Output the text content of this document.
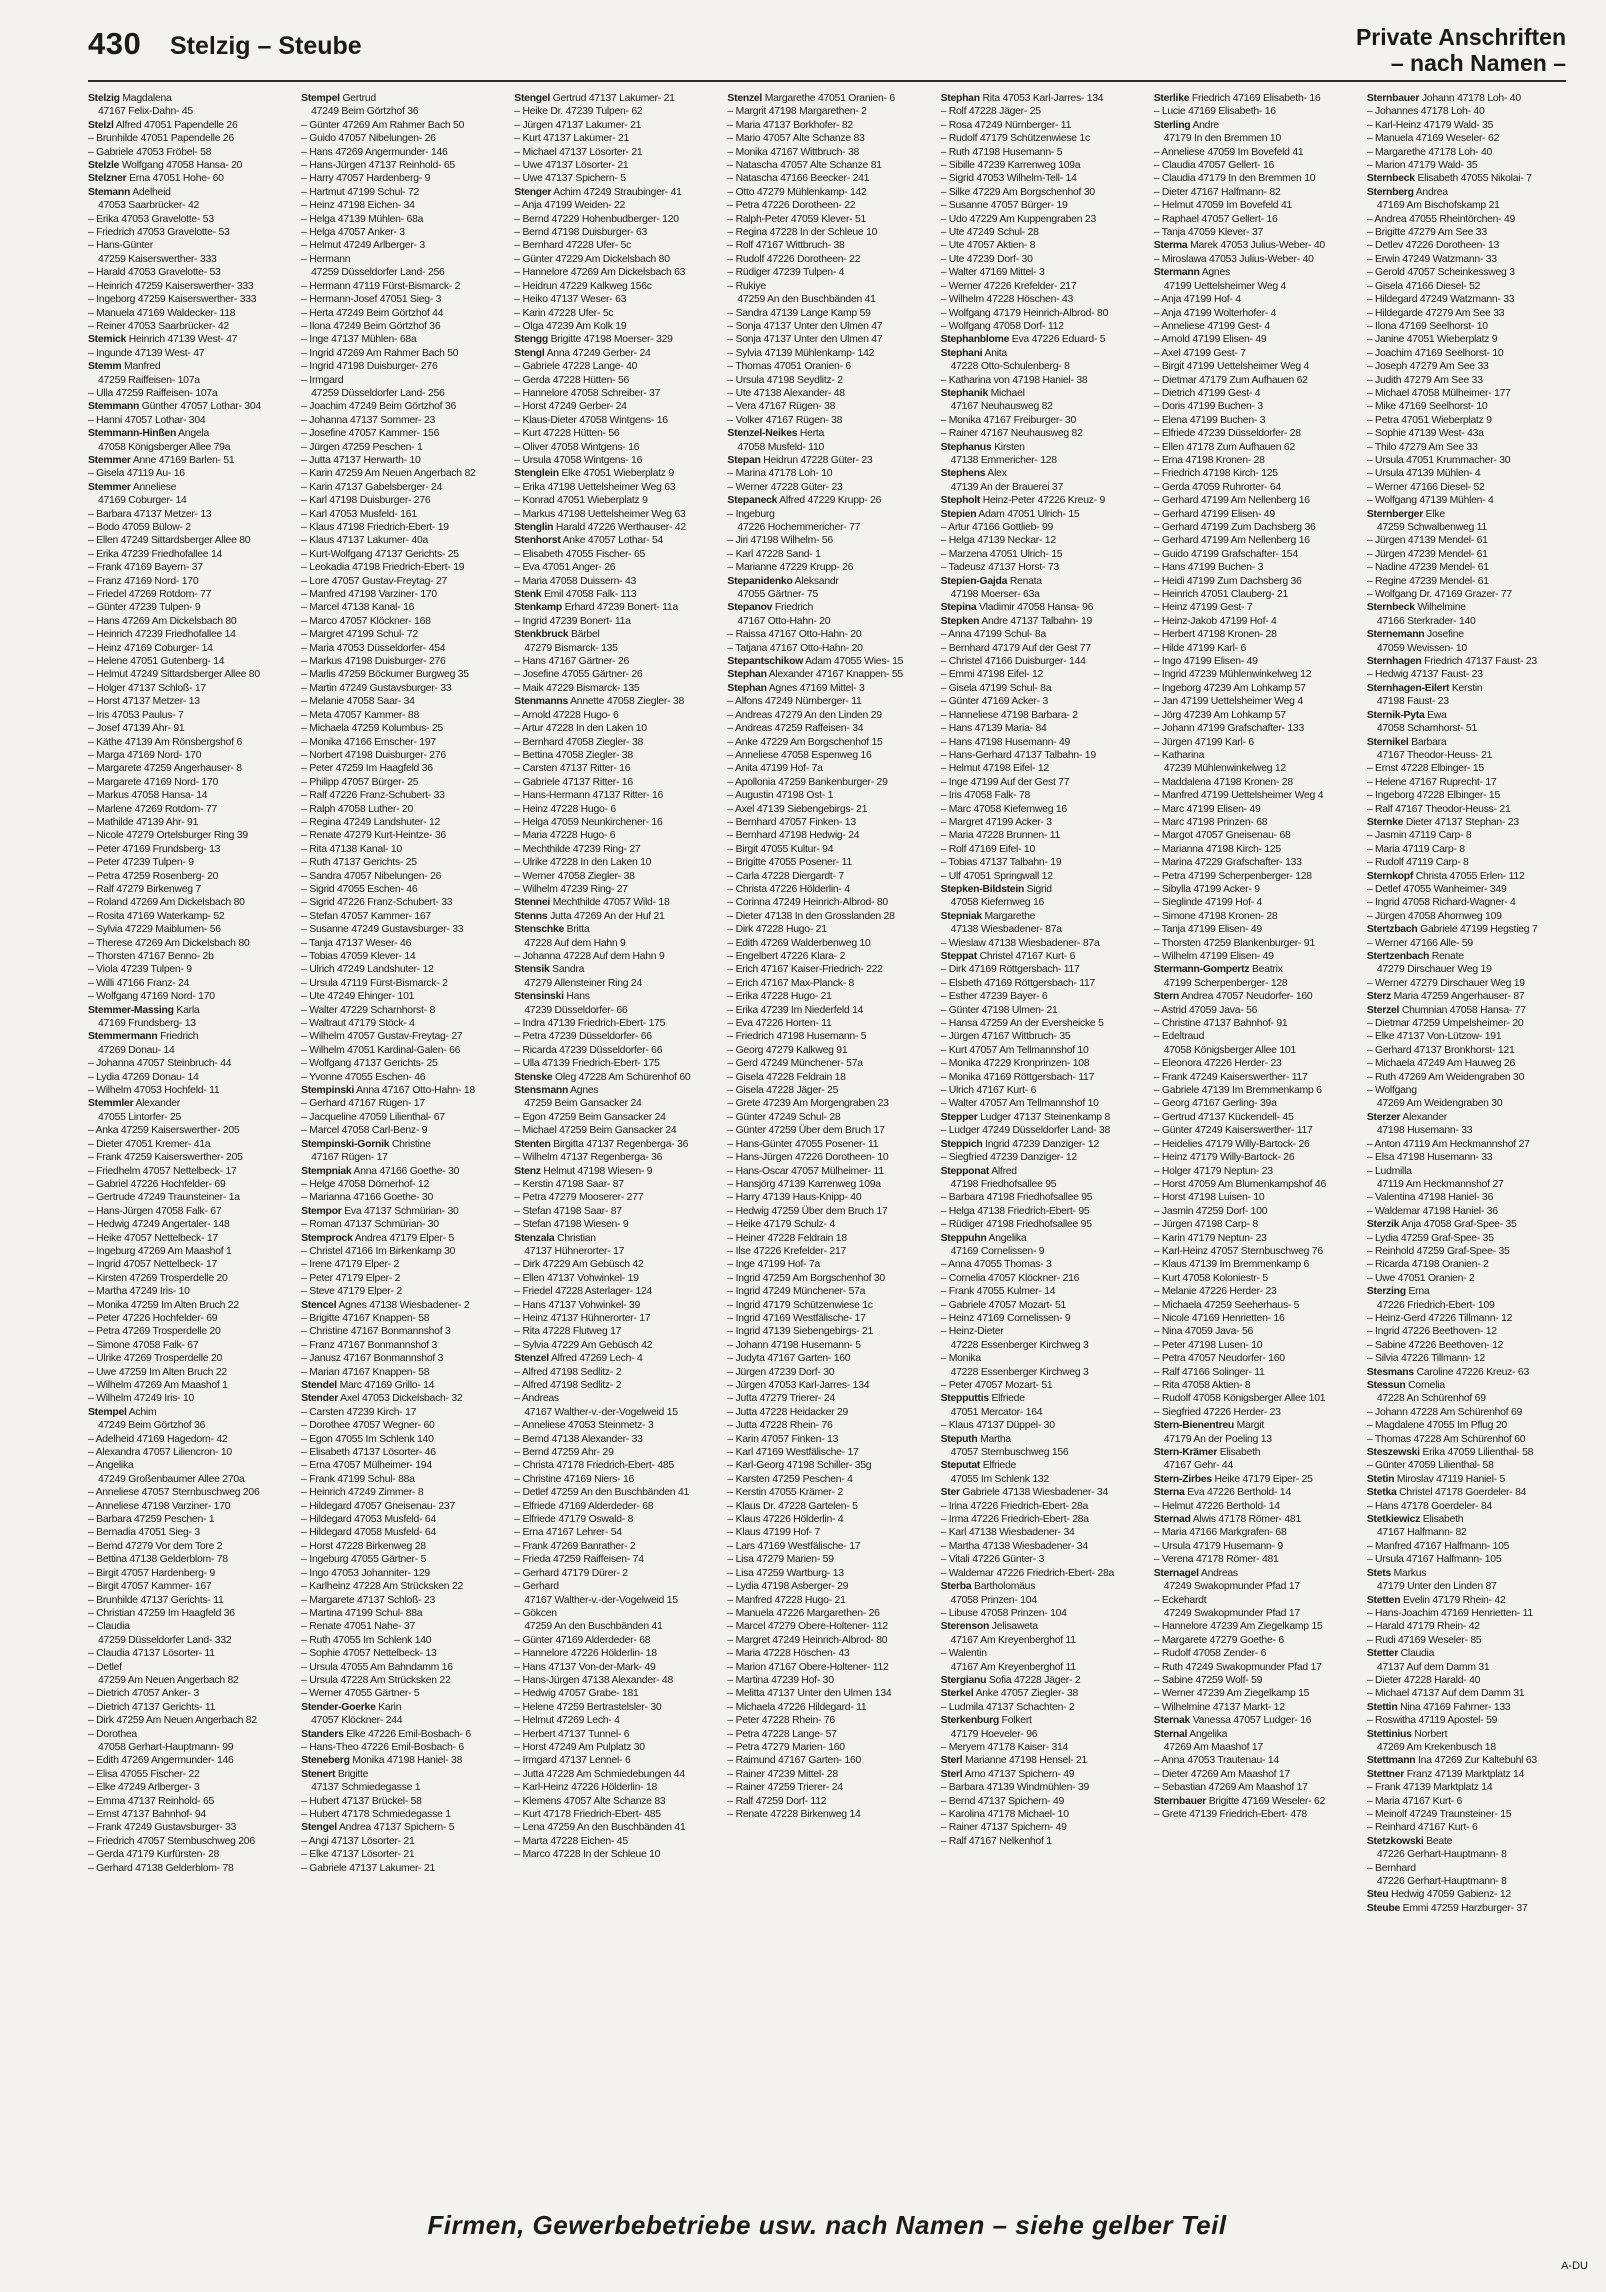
430 Stelzig – Steube	Private Anschriften
– nach Namen –
Stelzig Magdalena
47167 Felix-Dahn- 45
Stelzl Alfred 47051 Papendelle 26
– Brunhilde 47051 Papendelle 26
– Gabriele 47053 Fröbel- 58
Stelzle Wolfgang 47058 Hansa- 20
Stelzner Erna 47051 Hohe- 60
Stemann Adelheid
47053 Saarbrücker- 42
– Erika 47053 Gravelotte- 53
– Friedrich 47053 Gravelotte- 53
– Hans-Günter
47259 Kaiserswerther- 333
– Harald 47053 Gravelotte- 53
– Heinrich 47259 Kaiserswerther- 333
– Ingeborg 47259 Kaiserswerther- 333
– Manuela 47169 Waldecker- 118
– Reiner 47053 Saarbrücker- 42
Stemick Heinrich 47139 West- 47
– Ingunde 47139 West- 47
Stemm Manfred
47259 Raiffeisen- 107a
– Ulla 47259 Raiffeisen- 107a
Stemmann Günther 47057 Lothar- 304
– Hanni 47057 Lothar- 304
Stemmann-Hinßen Angela
47058 Königsberger Allee 79a
Stemmer Anne 47169 Barlen- 51
– Gisela 47119 Au- 16
Stemmer Anneliese
47169 Coburger- 14
– Barbara 47137 Metzer- 13
– Bodo 47059 Bülow- 2
– Ellen 47249 Sittardsberger Allee 80
– Erika 47239 Friedhofallee 14
– Frank 47169 Bayern- 37
– Franz 47169 Nord- 170
– Friedel 47269 Rotdorn- 77
– Günter 47239 Tulpen- 9
– Hans 47269 Am Dickelsbach 80
– Heinrich 47239 Friedhofallee 14
– Heinz 47169 Coburger- 14
– Helene 47051 Gutenberg- 14
– Helmut 47249 Sittardsberger Allee 80
– Holger 47137 Schloß- 17
– Horst 47137 Metzer- 13
– Iris 47053 Paulus- 7
– Josef 47139 Ahr- 91
– Käthe 47139 Am Rönsbergshof 6
– Marga 47169 Nord- 170
– Margarete 47259 Angerhauser- 8
– Margarete 47169 Nord- 170
– Markus 47058 Hansa- 14
– Marlene 47269 Rotdorn- 77
– Mathilde 47139 Ahr- 91
– Nicole 47279 Ortelsburger Ring 39
– Peter 47169 Frundsberg- 13
– Peter 47239 Tulpen- 9
– Petra 47259 Rosenberg- 20
– Ralf 47279 Birkenweg 7
– Roland 47269 Am Dickelsbach 80
– Rosita 47169 Waterkamp- 52
– Sylvia 47229 Maiblumen- 56
– Therese 47269 Am Dickelsbach 80
– Thorsten 47167 Benno- 2b
– Viola 47239 Tulpen- 9
– Willi 47166 Franz- 24
– Wolfgang 47169 Nord- 170
Stemmer-Massing Karla
47169 Frundsberg- 13
Stemmermann Friedrich
47269 Donau- 14
– Johanna 47057 Steinbruch- 44
– Lydia 47269 Donau- 14
– Wilhelm 47053 Hochfeld- 11
Stemmler Alexander
47055 Lintorfer- 25
– Anka 47259 Kaiserswerther- 205
– Dieter 47051 Kremer- 41a
– Frank 47259 Kaiserswerther- 205
– Friedhelm 47057 Nettelbeck- 17
– Gabriel 47226 Hochfelder- 69
– Gertrude 47249 Traunsteiner- 1a
– Hans-Jürgen 47058 Falk- 67
– Hedwig 47249 Angertaler- 148
– Heike 47057 Nettelbeck- 17
– Ingeburg 47269 Am Maashof 1
– Ingrid 47057 Nettelbeck- 17
– Kirsten 47269 Trosperdelle 20
– Martha 47249 Iris- 10
– Monika 47259 Im Alten Bruch 22
– Peter 47226 Hochfelder- 69
– Petra 47269 Trosperdelle 20
– Simone 47058 Falk- 67
– Ulrike 47269 Trosperdelle 20
– Uwe 47259 Im Alten Bruch 22
– Wilhelm 47269 Am Maashof 1
– Wilhelm 47249 Iris- 10
Stempel Achim
47249 Beim Görtzhof 36
– Adelheid 47169 Hagedorn- 42
– Alexandra 47057 Liliencron- 10
– Angelika
47249 Großenbaumer Allee 270a
– Anneliese 47057 Sternbuschweg 206
– Anneliese 47198 Varziner- 170
– Barbara 47259 Peschen- 1
– Bernadia 47051 Sieg- 3
– Bernd 47279 Vor dem Tore 2
– Bettina 47138 Gelderblom- 78
– Birgit 47057 Hardenberg- 9
– Birgit 47057 Kammer- 167
– Brunhilde 47137 Gerichts- 11
– Christian 47259 Im Haagfeld 36
– Claudia
47259 Düsseldorfer Land- 332
– Claudia 47137 Lösorter- 11
– Detlef
47259 Am Neuen Angerbach 82
– Dietrich 47057 Anker- 3
– Dietrich 47137 Gerichts- 11
– Dirk 47259 Am Neuen Angerbach 82
– Dorothea
47058 Gerhart-Hauptmann- 99
– Edith 47269 Angermunder- 146
– Elisa 47055 Fischer- 22
– Elke 47249 Arlberger- 3
– Emma 47137 Reinhold- 65
– Ernst 47137 Bahnhof- 94
– Frank 47249 Gustavsburger- 33
– Friedrich 47057 Sternbuschweg 206
– Gerda 47179 Kurfürsten- 28
– Gerhard 47138 Gelderblom- 78
Stempel Gertrud
47249 Beim Görtzhof 36
– Günter 47269 Am Rahmer Bach 50
– Guido 47057 Nibelungen- 26
– Hans 47269 Angermunder- 146
– Hans-Jürgen 47137 Reinhold- 65
– Harry 47057 Hardenberg- 9
– Hartmut 47199 Schul- 72
– Heinz 47198 Eichen- 34
– Helga 47139 Mühlen- 68a
– Helga 47057 Anker- 3
– Helmut 47249 Arlberger- 3
– Hermann
47259 Düsseldorfer Land- 256
– Hermann 47119 Fürst-Bismarck- 2
– Hermann-Josef 47051 Sieg- 3
– Herta 47249 Beim Görtzhof 44
– Ilona 47249 Beim Görtzhof 36
– Inge 47137 Mühlen- 68a
– Ingrid 47269 Am Rahmer Bach 50
– Ingrid 47198 Duisburger- 276
– Irmgard
47259 Düsseldorfer Land- 256
– Joachim 47249 Beim Görtzhof 36
– Johanna 47137 Sommer- 23
– Josefine 47057 Kammer- 156
– Jürgen 47259 Peschen- 1
– Jutta 47137 Herwarth- 10
– Karin 47259 Am Neuen Angerbach 82
– Karin 47137 Gabelsberger- 24
– Karl 47198 Duisburger- 276
– Karl 47053 Musfeld- 161
– Klaus 47198 Friedrich-Ebert- 19
– Klaus 47137 Lakumer- 40a
– Kurt-Wolfgang 47137 Gerichts- 25
– Leokadia 47198 Friedrich-Ebert- 19
– Lore 47057 Gustav-Freytag- 27
– Manfred 47198 Varziner- 170
– Marcel 47138 Kanal- 16
– Marco 47057 Klöckner- 168
– Margret 47199 Schul- 72
– Maria 47053 Düsseldorfer- 454
– Markus 47198 Duisburger- 276
– Marlis 47259 Böckumer Burgweg 35
– Martin 47249 Gustavsburger- 33
– Melanie 47058 Saar- 34
– Meta 47057 Kammer- 88
– Michaela 47259 Kolumbus- 25
– Monika 47166 Emscher- 197
– Norbert 47198 Duisburger- 276
– Peter 47259 Im Haagfeld 36
– Philipp 47057 Bürger- 25
– Ralf 47226 Franz-Schubert- 33
– Ralph 47058 Luther- 20
– Regina 47249 Landshuter- 12
– Renate 47279 Kurt-Heintze- 36
– Rita 47138 Kanal- 10
– Ruth 47137 Gerichts- 25
– Sandra 47057 Nibelungen- 26
– Sigrid 47055 Eschen- 46
– Sigrid 47226 Franz-Schubert- 33
– Stefan 47057 Kammer- 167
– Susanne 47249 Gustavsburger- 33
– Tanja 47137 Weser- 46
– Tobias 47059 Klever- 14
– Ulrich 47249 Landshuter- 12
– Ursula 47119 Fürst-Bismarck- 2
– Ute 47249 Ehinger- 101
– Walter 47229 Scharnhorst- 8
– Waltraut 47179 Stöck- 4
– Wilhelm 47057 Gustav-Freytag- 27
– Wilhelm 47051 Kardinal-Galen- 66
– Wolfgang 47137 Gerichts- 25
– Yvonne 47055 Eschen- 46
Stempinski Anna 47167 Otto-Hahn- 18
– Gerhard 47167 Rügen- 17
– Jacqueline 47059 Lilienthal- 67
– Marcel 47058 Carl-Benz- 9
Stempinski-Gornik Christine
47167 Rügen- 17
Stempniak Anna 47166 Goethe- 30
– Helge 47058 Dörnerhof- 12
– Marianna 47166 Goethe- 30
Stempor Eva 47137 Schmürian- 30
– Roman 47137 Schmürian- 30
Stemprock Andrea 47179 Elper- 5
– Christel 47166 Im Birkenkamp 30
– Irene 47179 Elper- 2
– Peter 47179 Elper- 2
– Steve 47179 Elper- 2
Stencel Agnes 47138 Wiesbadener- 2
– Brigitte 47167 Knappen- 58
– Christine 47167 Bonmannshof 3
– Franz 47167 Bonmannshof 3
– Janusz 47167 Bonmannshof 3
– Marian 47167 Knappen- 58
Stendel Marc 47169 Grillo- 14
Stender Axel 47053 Dickelsbach- 32
– Carsten 47239 Kirch- 17
– Dorothee 47057 Wegner- 60
– Egon 47055 Im Schlenk 140
– Elisabeth 47137 Lösorter- 46
– Erna 47057 Mülheimer- 194
– Frank 47199 Schul- 88a
– Heinrich 47249 Zimmer- 8
– Hildegard 47057 Gneisenau- 237
– Hildegard 47053 Musfeld- 64
– Hildegard 47058 Musfeld- 64
– Horst 47228 Birkenweg 28
– Ingeburg 47055 Gärtner- 5
– Ingo 47053 Johanniter- 129
– Karlheinz 47228 Am Strücksken 22
– Margarete 47137 Schloß- 23
– Martina 47199 Schul- 88a
– Renate 47051 Nahe- 37
– Ruth 47055 Im Schlenk 140
– Sophie 47057 Nettelbeck- 13
– Ursula 47055 Am Bahndamm 16
– Ursula 47228 Am Strücksken 22
– Werner 47055 Gärtner- 5
Stender-Goerke Karin
47057 Klöckner- 244
Standers Elke 47226 Emil-Bosbach- 6
– Hans-Theo 47226 Emil-Bosbach- 6
Steneberg Monika 47198 Haniel- 38
Stenert Brigitte
47137 Schmiedegasse 1
– Hubert 47137 Brückel- 58
– Hubert 47178 Schmiedegasse 1
Stengel Andrea 47137 Spichern- 5
– Angi 47137 Lösorter- 21
– Elke 47137 Lösorter- 21
– Gabriele 47137 Lakumer- 21
Stengel Gertrud 47137 Lakumer- 21
– Heike Dr. 47239 Tulpen- 62
– Jürgen 47137 Lakumer- 21
– Kurt 47137 Lakumer- 21
– Michael 47137 Lösorter- 21
– Uwe 47137 Lösorter- 21
– Uwe 47137 Spichern- 5
Stenger Achim 47249 Straubinger- 41
– Anja 47199 Weiden- 22
– Bernd 47229 Hohenbudberger- 120
– Bernd 47198 Duisburger- 63
– Bernhard 47228 Ufer- 5c
– Günter 47229 Am Dickelsbach 80
– Hannelore 47269 Am Dickelsbach 63
– Heidrun 47229 Kalkweg 156c
– Heiko 47137 Weser- 63
– Karin 47228 Ufer- 5c
– Olga 47239 Am Kolk 19
Stengg Brigitte 47198 Moerser- 329
Stengl Anna 47249 Gerber- 24
– Gabriele 47228 Lange- 40
– Gerda 47228 Hütten- 56
– Hannelore 47058 Schreiber- 37
– Horst 47249 Gerber- 24
– Klaus-Dieter 47058 Wintgens- 16
– Kurt 47228 Hütten- 56
– Oliver 47058 Wintgens- 16
– Ursula 47058 Wintgens- 16
Stenglein Elke 47051 Wieberplatz 9
– Erika 47198 Uettelsheimer Weg 63
– Konrad 47051 Wieberplatz 9
– Markus 47198 Uettelsheimer Weg 63
Stenglin Harald 47226 Werthauser- 42
Stenhorst Anke 47057 Lothar- 54
– Elisabeth 47055 Fischer- 65
– Eva 47051 Anger- 26
– Maria 47058 Duissern- 43
Stenk Emil 47058 Falk- 113
Stenkamp Erhard 47239 Bonert- 11a
– Ingrid 47239 Bonert- 11a
Stenkbruck Bärbel
47279 Bismarck- 135
– Hans 47167 Gärtner- 26
– Josefine 47055 Gärtner- 26
– Maik 47229 Bismarck- 135
Stenmanns Annette 47058 Ziegler- 38
– Arnold 47228 Hugo- 6
– Artur 47228 In den Laken 10
– Bernhard 47058 Ziegler- 38
– Bettina 47058 Ziegler- 38
– Carsten 47137 Ritter- 16
– Gabriele 47137 Ritter- 16
– Hans-Hermann 47137 Ritter- 16
– Heinz 47228 Hugo- 6
– Helga 47059 Neunkirchener- 16
– Maria 47228 Hugo- 6
– Mechthilde 47239 Ring- 27
– Ulrike 47228 In den Laken 10
– Werner 47058 Ziegler- 38
– Wilhelm 47239 Ring- 27
Stennei Mechthilde 47057 Wild- 18
Stenns Jutta 47269 An der Huf 21
Stenschke Britta
47228 Auf dem Hahn 9
– Johanna 47228 Auf dem Hahn 9
Stensik Sandra
47279 Allensteiner Ring 24
Stensinski Hans
47239 Düsseldorfer- 66
– Indra 47139 Friedrich-Ebert- 175
– Petra 47239 Düsseldorfer- 66
– Ricarda 47239 Düsseldorfer- 66
– Ulla 47139 Friedrich-Ebert- 175
Stenske Oleg 47228 Am Schürenhof 60
Stensmann Agnes
47259 Beim Gansacker 24
– Egon 47259 Beim Gansacker 24
– Michael 47259 Beim Gansacker 24
Stenten Birgitta 47137 Regenberga- 36
– Wilhelm 47137 Regenberga- 36
Stenz Helmut 47198 Wiesen- 9
– Kerstin 47198 Saar- 87
– Petra 47279 Mooserer- 277
– Stefan 47198 Saar- 87
– Stefan 47198 Wiesen- 9
Stenzala Christian
47137 Hühnerorter- 17
– Dirk 47229 Am Gebüsch 42
– Ellen 47137 Vohwinkel- 19
– Friedel 47228 Asterlager- 124
– Hans 47137 Vohwinkel- 39
– Heinz 47137 Hühnerorter- 17
– Rita 47228 Flutweg 17
– Sylvia 47229 Am Gebüsch 42
Stenzel Alfred 47269 Lech- 4
– Alfred 47198 Sedlitz- 2
– Alfred 47198 Sedlitz- 2
– Andreas
47167 Walther-v.-der-Vogelweid 15
– Anneliese 47053 Steinmetz- 3
– Bernd 47138 Alexander- 33
– Bernd 47259 Ahr- 29
– Christa 47178 Friedrich-Ebert- 485
– Christine 47169 Niers- 16
– Detlef 47259 An den Buschbänden 41
– Elfriede 47169 Alderdeder- 68
– Elfriede 47179 Oswald- 8
– Erna 47167 Lehrer- 54
– Frank 47269 Banrather- 2
– Frieda 47259 Raiffeisen- 74
– Gerhard 47179 Dürer- 2
– Gerhard
47167 Walther-v.-der-Vogelweid 15
– Gökcen
47259 An den Buschbänden 41
– Günter 47169 Alderdeder- 68
– Hannelore 47226 Hölderlin- 18
– Hans 47137 Von-der-Mark- 49
– Hans-Jürgen 47138 Alexander- 48
– Hedwig 47057 Grabe- 181
– Helene 47259 Bertrastelsler- 30
– Helmut 47269 Lech- 4
– Herbert 47137 Tunnel- 6
– Horst 47249 Am Pulplatz 30
– Irmgard 47137 Lennel- 6
– Jutta 47228 Am Schmiedebungen 44
– Karl-Heinz 47226 Hölderlin- 18
– Klemens 47057 Alte Schanze 83
– Kurt 47178 Friedrich-Ebert- 485
– Lena 47259 An den Buschbänden 41
– Marta 47228 Eichen- 45
– Marco 47228 In der Schleue 10
Stenzel Margarethe 47051 Oranien- 6
– Margrit 47198 Margarethen- 2
– Maria 47137 Borkhofer- 82
– Mario 47057 Alte Schanze 83
– Monika 47167 Wittbruch- 38
– Natascha 47057 Alte Schanze 81
– Natascha 47166 Beecker- 241
– Otto 47279 Mühlenkamp- 142
– Petra 47226 Dorotheen- 22
– Ralph-Peter 47059 Klever- 51
– Regina 47228 In der Schleue 10
– Rolf 47167 Wittbruch- 38
– Rudolf 47226 Dorotheen- 22
– Rüdiger 47239 Tulpen- 4
– Rukiye
47259 An den Buschbänden 41
– Sandra 47139 Lange Kamp 59
– Sonja 47137 Unter den Ulmen 47
– Sonja 47137 Unter den Ulmen 47
– Sylvia 47139 Mühlenkamp- 142
– Thomas 47051 Oranien- 6
– Ursula 47198 Seydlitz- 2
– Ute 47138 Alexander- 48
– Vera 47167 Rügen- 38
– Volker 47167 Rügen- 38
Stenzel-Neikes Herta
47058 Musfeld- 110
Stepan Heidrun 47228 Güter- 23
– Marina 47178 Loh- 10
– Werner 47228 Güter- 23
Stepaneck Alfred 47229 Krupp- 26
– Ingeburg
47226 Hochemmericher- 77
– Jiri 47198 Wilhelm- 56
– Karl 47228 Sand- 1
– Marianne 47229 Krupp- 26
Stepanidenko Aleksandr
47055 Gärtner- 75
Stepanov Friedrich
47167 Otto-Hahn- 20
– Raissa 47167 Otto-Hahn- 20
– Tatjana 47167 Otto-Hahn- 20
Stepantschikow Adam 47055 Wies- 15
Stephan Alexander 47167 Knappen- 55
Stephan Agnes 47169 Mittel- 3
– Alfons 47249 Nürnberger- 11
– Andreas 47279 An den Linden 29
– Andreas 47259 Raffeisen- 34
– Anke 47229 Am Borgschenhof 15
– Anneliese 47058 Espenweg 16
– Anita 47199 Hof- 7a
– Apollonia 47259 Bankenburger- 29
– Augustin 47198 Ost- 1
– Axel 47139 Siebengebirgs- 21
– Bernhard 47057 Finken- 13
– Bernhard 47198 Hedwig- 24
– Birgit 47055 Kultur- 94
– Brigitte 47055 Posener- 11
– Carla 47228 Diergardt- 7
– Christa 47226 Hölderlin- 4
– Corinna 47249 Heinrich-Albrod- 80
– Dieter 47138 In den Grosslanden 28
– Dirk 47228 Hugo- 21
– Edith 47269 Walderbenweg 10
– Engelbert 47226 Klara- 2
– Erich 47167 Kaiser-Friedrich- 222
– Erich 47167 Max-Planck- 8
– Erika 47228 Hugo- 21
– Erika 47239 Im Niederfeld 14
– Eva 47226 Horten- 11
– Friedrich 47198 Husemann- 5
– Georg 47279 Kalkweg 91
– Gerd 47249 Münchener- 57a
– Gisela 47228 Feldrain 18
– Gisela 47228 Jäger- 25
– Grete 47239 Am Morgengraben 23
– Günter 47249 Schul- 28
– Günter 47259 Über dem Bruch 17
– Hans-Günter 47055 Posener- 11
– Hans-Jürgen 47226 Dorotheen- 10
– Hans-Oscar 47057 Mülheimer- 11
– Hansjörg 47139 Karrenweg 109a
– Harry 47139 Haus-Knipp- 40
– Hedwig 47259 Über dem Bruch 17
– Heike 47179 Schulz- 4
– Heiner 47228 Feldrain 18
– Ilse 47226 Krefelder- 217
– Inge 47199 Hof- 7a
– Ingrid 47259 Am Borgschenhof 30
– Ingrid 47249 Münchener- 57a
– Ingrid 47179 Schützenwiese 1c
– Ingrid 47169 Westfälische- 17
– Ingrid 47139 Siebengebirgs- 21
– Johann 47198 Husemann- 5
– Judyta 47167 Garten- 160
– Jürgen 47239 Dorf- 30
– Jürgen 47053 Karl-Jarres- 134
– Jutta 47279 Trierer- 24
– Jutta 47228 Heidacker 29
– Jutta 47228 Rhein- 76
– Karin 47057 Finken- 13
– Karl 47169 Westfälische- 17
– Karl-Georg 47198 Schiller- 35g
– Karsten 47259 Peschen- 4
– Kerstin 47055 Krämer- 2
– Klaus Dr. 47228 Gartelen- 5
– Klaus 47226 Hölderlin- 4
– Klaus 47199 Hof- 7
– Lars 47169 Westfälische- 17
– Lisa 47279 Marien- 59
– Lisa 47259 Wartburg- 13
– Lydia 47198 Asberger- 29
– Manfred 47228 Hugo- 21
– Manuela 47226 Margarethen- 26
– Marcel 47279 Obere-Holtener- 112
– Margret 47249 Heinrich-Albrod- 80
– Maria 47228 Höschen- 43
– Marion 47167 Obere-Holtener- 112
– Martina 47239 Hof- 30
– Melitta 47137 Unter den Ulmen 134
– Michaela 47226 Hildegard- 11
– Peter 47228 Rhein- 76
– Petra 47228 Lange- 57
– Petra 47279 Marien- 160
– Raimund 47167 Garten- 160
– Rainer 47239 Mittel- 28
– Rainer 47259 Trierer- 24
– Ralf 47259 Dorf- 112
– Renate 47228 Birkenweg 14
Stephan Rita 47053 Karl-Jarres- 134
– Rolf 47228 Jäger- 25
– Rosa 47249 Nürnberger- 11
– Rudolf 47179 Schützenwiese 1c
– Ruth 47198 Husemann- 5
– Sibille 47239 Karrenweg 109a
– Sigrid 47053 Wilhelm-Tell- 14
– Silke 47229 Am Borgschenhof 30
– Susanne 47057 Bürger- 19
– Udo 47229 Am Kuppengraben 23
– Ute 47249 Schul- 28
– Ute 47057 Aktien- 8
– Ute 47239 Dorf- 30
– Walter 47169 Mittel- 3
– Werner 47226 Krefelder- 217
– Wilhelm 47228 Höschen- 43
– Wolfgang 47179 Heinrich-Albrod- 80
– Wolfgang 47058 Dorf- 112
Stephanblome Eva 47226 Eduard- 5
Stephani Anita
47228 Otto-Schulenberg- 8
– Katharina von 47198 Haniel- 38
Stephanik Michael
47167 Neuhausweg 82
– Monika 47167 Freiburger- 30
– Rainer 47167 Neuhausweg 82
Stephanus Kirsten
47138 Emmericher- 128
Stephens Alex
47139 An der Brauerei 37
Stepholt Heinz-Peter 47226 Kreuz- 9
Stepien Adam 47051 Ulrich- 15
– Artur 47166 Gottlieb- 99
– Helga 47139 Neckar- 12
– Marzena 47051 Ulrich- 15
– Tadeusz 47137 Horst- 73
Stepien-Gajda Renata
47198 Moerser- 63a
Stepina Vladimir 47058 Hansa- 96
Stepken Andre 47137 Talbahn- 19
– Anna 47199 Schul- 8a
– Bernhard 47179 Auf der Gest 77
– Christel 47166 Duisburger- 144
– Emmi 47198 Eifel- 12
– Gisela 47199 Schul- 8a
– Günter 47169 Acker- 3
– Hanneliese 47198 Barbara- 2
– Hans 47139 Maria- 84
– Hans 47198 Husemann- 49
– Hans-Gerhard 47137 Talbahn- 19
– Helmut 47198 Eifel- 12
– Inge 47199 Auf der Gest 77
– Iris 47058 Falk- 78
– Marc 47058 Kiefernweg 16
– Margret 47199 Acker- 3
– Maria 47228 Brunnen- 11
– Rolf 47169 Eifel- 10
– Tobias 47137 Talbahn- 19
– Ulf 47051 Springwall 12
Stepken-Bildstein Sigrid
47058 Kiefernweg 16
Stepniak Margarethe
47138 Wiesbadener- 87a
– Wieslaw 47138 Wiesbadener- 87a
Steppat Christel 47167 Kurt- 6
– Dirk 47169 Röttgersbach- 117
– Elsbeth 47169 Röttgersbach- 117
– Esther 47239 Bayer- 6
– Günter 47198 Ulmen- 21
– Hansa 47259 An der Eversheicke 5
– Jürgen 47167 Wittbruch- 35
– Kurt 47057 Am Tellmannshof 10
– Monika 47229 Kronprinzen- 108
– Monika 47169 Röttgersbach- 117
– Ulrich 47167 Kurt- 6
– Walter 47057 Am Tellmannshof 10
Stepper Ludger 47137 Steinenkamp 8
– Ludger 47249 Düsseldorfer Land- 38
Steppich Ingrid 47239 Danziger- 12
– Siegfried 47239 Danziger- 12
Stepponat Alfred
47198 Friedhofsallee 95
– Barbara 47198 Friedhofsallee 95
– Helga 47138 Friedrich-Ebert- 95
– Rüdiger 47198 Friedhofsallee 95
Steppuhn Angelika
47169 Cornelissen- 9
– Anna 47055 Thomas- 3
– Cornelia 47057 Klöckner- 216
– Frank 47055 Kulmer- 14
– Gabriele 47057 Mozart- 51
– Heinz 47169 Cornelissen- 9
– Heinz-Dieter
47228 Essenberger Kirchweg 3
– Monika
47228 Essenberger Kirchweg 3
– Peter 47057 Mozart- 51
Stepputtis Elfriede
47051 Mercator- 164
– Klaus 47137 Düppel- 30
Steputh Martha
47057 Sternbuschweg 156
Steputat Elfriede
47055 Im Schlenk 132
Ster Gabriele 47138 Wiesbadener- 34
– Irina 47226 Friedrich-Ebert- 28a
– Irma 47226 Friedrich-Ebert- 28a
– Karl 47138 Wiesbadener- 34
– Martha 47138 Wiesbadener- 34
– Vitali 47226 Günter- 3
– Waldemar 47226 Friedrich-Ebert- 28a
Sterba Bartholomäus
47058 Prinzen- 104
– Libuse 47058 Prinzen- 104
Sterenson Jelisaweta
47167 Am Kreyenberghof 11
– Walentin
47167 Am Kreyenberghof 11
Stergianu Sofia 47228 Jäger- 2
Sterkel Anke 47057 Ziegler- 38
– Ludmila 47137 Schachten- 2
Sterkenburg Folkert
47179 Hoeveler- 96
– Meryem 47178 Kaiser- 314
Sterl Marianne 47198 Hensel- 21
Sterl Arno 47137 Spichern- 49
– Barbara 47139 Windmühlen- 39
– Bernd 47137 Spichern- 49
– Karolina 47178 Michael- 10
– Rainer 47137 Spichern- 49
– Ralf 47167 Nelkenhof 1
Sterlike Friedrich 47169 Elisabeth- 16
– Lucie 47169 Elisabeth- 16
Sterling Andre
47179 In den Bremmen 10
– Anneliese 47059 Im Bovefeld 41
– Claudia 47057 Gellert- 16
– Claudia 47179 In den Bremmen 10
– Dieter 47167 Halfmann- 82
– Helmut 47059 Im Bovefeld 41
– Raphael 47057 Gellert- 16
– Tanja 47059 Klever- 37
Sterma Marek 47053 Julius-Weber- 40
– Miroslawa 47053 Julius-Weber- 40
Stermann Agnes
47199 Uettelsheimer Weg 4
– Anja 47199 Hof- 4
– Anja 47199 Wolterhofer- 4
– Anneliese 47199 Gest- 4
– Arnold 47199 Elisen- 49
– Axel 47199 Gest- 7
– Birgit 47199 Uettelsheimer Weg 4
– Dietmar 47179 Zum Aufhauen 62
– Dietrich 47199 Gest- 4
– Doris 47199 Buchen- 3
– Elena 47199 Buchen- 3
– Elfriede 47239 Düsseldorfer- 28
– Ellen 47178 Zum Aufhauen 62
– Erna 47198 Kronen- 28
– Friedrich 47198 Kirch- 125
– Gerda 47059 Ruhrorter- 64
– Gerhard 47199 Am Nellenberg 16
– Gerhard 47199 Elisen- 49
– Gerhard 47199 Zum Dachsberg 36
– Gerhard 47199 Am Nellenberg 16
– Guido 47199 Grafschafter- 154
– Hans 47199 Buchen- 3
– Heidi 47199 Zum Dachsberg 36
– Heinrich 47051 Clauberg- 21
– Heinz 47199 Gest- 7
– Heinz-Jakob 47199 Hof- 4
– Herbert 47198 Kronen- 28
– Hilde 47199 Karl- 6
– Ingo 47199 Elisen- 49
– Ingrid 47239 Mühlenwinkelweg 12
– Ingeborg 47239 Am Lohkamp 57
– Jan 47199 Uettelsheimer Weg 4
– Jörg 47239 Am Lohkamp 57
– Johann 47199 Grafschafter- 133
– Jürgen 47199 Karl- 6
– Katharina
47239 Mühlenwinkelweg 12
– Maddalena 47198 Kronen- 28
– Manfred 47199 Uettelsheimer Weg 4
– Marc 47199 Elisen- 49
– Marc 47198 Prinzen- 68
– Margot 47057 Gneisenau- 68
– Marianna 47198 Kirch- 125
– Marina 47229 Grafschafter- 133
– Petra 47199 Scherpenberger- 128
– Sibylla 47199 Acker- 9
– Sieglinde 47199 Hof- 4
– Simone 47198 Kronen- 28
– Tanja 47199 Elisen- 49
– Thorsten 47259 Blankenburger- 91
– Wilhelm 47199 Elisen- 49
Stermann-Gompertz Beatrix
47199 Scherpenberger- 128
Stern Andrea 47057 Neudorfer- 160
– Astrid 47059 Java- 56
– Christine 47137 Bahnhof- 91
– Edeltraud
47058 Königsberger Allee 101
– Eleonora 47226 Herder- 23
– Frank 47249 Kaiserswerther- 117
– Gabriele 47139 Im Bremmenkamp 6
– Georg 47167 Gerling- 39a
– Gertrud 47137 Kückendell- 45
– Günter 47249 Kaiserswerther- 117
– Heidelies 47179 Willy-Bartock- 26
– Heinz 47179 Willy-Bartock- 26
– Holger 47179 Neptun- 23
– Horst 47059 Am Blumenkampshof 46
– Horst 47198 Luisen- 10
– Jasmin 47259 Dorf- 100
– Jürgen 47198 Carp- 8
– Karin 47179 Neptun- 23
– Karl-Heinz 47057 Sternbuschweg 76
– Klaus 47139 Im Bremmenkamp 6
– Kurt 47058 Koloniestr- 5
– Melanie 47226 Herder- 23
– Michaela 47259 Seeherhaus- 5
– Nicole 47169 Henrietten- 16
– Nina 47059 Java- 56
– Peter 47198 Lusen- 10
– Petra 47057 Neudorfer- 160
– Ralf 47166 Solinger- 11
– Rita 47058 Aktien- 8
– Rudolf 47058 Königsberger Allee 101
– Siegfried 47226 Herder- 23
Stern-Bienentreu Margit
47179 An der Poeling 13
Stern-Krämer Elisabeth
47167 Gehr- 44
Stern-Zirbes Heike 47179 Eiper- 25
Sterna Eva 47226 Berthold- 14
– Helmut 47226 Berthold- 14
Sternad Alwis 47178 Römer- 481
– Maria 47166 Markgrafen- 68
– Ursula 47179 Husemann- 9
– Verena 47178 Römer- 481
Sternagel Andreas
47249 Swakopmunder Pfad 17
– Eckehardt
47249 Swakopmunder Pfad 17
– Hannelore 47239 Am Ziegelkamp 15
– Margarete 47279 Goethe- 6
– Rudolf 47058 Zender- 6
– Ruth 47249 Swakopmunder Pfad 17
– Sabine 47259 Wolf- 59
– Werner 47239 Am Ziegelkamp 15
– Wilhelmine 47137 Markt- 12
Sternak Vanessa 47057 Ludger- 16
Sternal Angelika
47269 Am Maashof 17
– Anna 47053 Trautenau- 14
– Dieter 47269 Am Maashof 17
– Sebastian 47269 Am Maashof 17
Sternbauer Brigitte 47169 Weseler- 62
– Grete 47139 Friedrich-Ebert- 478
Sternbauer Johann 47178 Loh- 40
– Johannes 47178 Loh- 40
– Karl-Heinz 47179 Wald- 35
– Manuela 47169 Weseler- 62
– Margarethe 47178 Loh- 40
– Marion 47179 Wald- 35
Sternbeck Elisabeth 47055 Nikolai- 7
Sternberg Andrea
47169 Am Bischofskamp 21
– Andrea 47055 Rheintörchen- 49
– Brigitte 47279 Am See 33
– Detlev 47226 Dorotheen- 13
– Erwin 47249 Watzmann- 33
– Gerold 47057 Scheinkessweg 3
– Gisela 47166 Diesel- 52
– Hildegard 47249 Watzmann- 33
– Hildegarde 47279 Am See 33
– Ilona 47169 Seelhorst- 10
– Janine 47051 Wieberplatz 9
– Joachim 47169 Seelhorst- 10
– Joseph 47279 Am See 33
– Judith 47279 Am See 33
– Michael 47058 Mülheimer- 177
– Mike 47169 Seelhorst- 10
– Petra 47051 Wieberplatz 9
– Sophie 47139 West- 43a
– Thilo 47279 Am See 33
– Ursula 47051 Krummacher- 30
– Ursula 47139 Mühlen- 4
– Werner 47166 Diesel- 52
– Wolfgang 47139 Mühlen- 4
Sternberger Elke
47259 Schwalbenweg 11
– Jürgen 47139 Mendel- 61
– Jürgen 47239 Mendel- 61
– Nadine 47239 Mendel- 61
– Regine 47239 Mendel- 61
– Wolfgang Dr. 47169 Grazer- 77
Sternbeck Wilhelmine
47166 Sterkrader- 140
Sternemann Josefine
47059 Wevissen- 10
Sternhagen Friedrich 47137 Faust- 23
– Hedwig 47137 Faust- 23
Sternhagen-Eilert Kerstin
47198 Faust- 23
Sternik-Pyta Ewa
47058 Schamhorst- 51
Sternikel Barbara
47167 Theodor-Heuss- 21
– Ernst 47228 Elbinger- 15
– Helene 47167 Ruprecht- 17
– Ingeborg 47228 Elbinger- 15
– Ralf 47167 Theodor-Heuss- 21
Sternke Dieter 47137 Stephan- 23
– Jasmin 47119 Carp- 8
– Maria 47119 Carp- 8
– Rudolf 47119 Carp- 8
Sternkopf Christa 47055 Erlen- 112
– Detlef 47055 Wanheimer- 349
– Ingrid 47058 Richard-Wagner- 4
– Jürgen 47058 Ahornweg 109
Stertzbach Gabriele 47199 Hegstieg 7
– Werner 47166 Alle- 59
Stertzenbach Renate
47279 Dirschauer Weg 19
– Werner 47279 Dirschauer Weg 19
Sterz Maria 47259 Angerhauser- 87
Sterzel Chumnian 47058 Hansa- 77
– Dietmar 47259 Umpelsheimer- 20
– Elke 47137 Von-Lützow- 191
– Gerhard 47137 Bronkhorst- 121
– Michaela 47249 Am Hauweg 26
– Ruth 47269 Am Weidengraben 30
– Wolfgang
47269 Am Weidengraben 30
Sterzer Alexander
47198 Husemann- 33
– Anton 47119 Am Heckmannshof 27
– Elsa 47198 Husemann- 33
– Ludmilla
47119 Am Heckmannshof 27
– Valentina 47198 Haniel- 36
– Waldemar 47198 Haniel- 36
Sterzik Anja 47058 Graf-Spee- 35
– Lydia 47259 Graf-Spee- 35
– Reinhold 47259 Graf-Spee- 35
– Ricarda 47198 Oranien- 2
– Uwe 47051 Oranien- 2
Sterzing Erna
47226 Friedrich-Ebert- 109
– Heinz-Gerd 47226 Tillmann- 12
– Ingrid 47226 Beethoven- 12
– Sabine 47226 Beethoven- 12
– Silvia 47226 Tillmann- 12
Stesmans Caroline 47226 Kreuz- 63
Stessun Cornelia
47228 An Schürenhof 69
– Johann 47228 Am Schürenhof 69
– Magdalene 47055 Im Pflug 20
– Thomas 47228 Am Schürenhof 60
Steszewski Erika 47059 Lilienthal- 58
– Günter 47059 Lilienthal- 58
Stetin Miroslav 47119 Haniel- 5
Stetka Christel 47178 Goerdeler- 84
– Hans 47178 Goerdeler- 84
Stetkiewicz Elisabeth
47167 Halfmann- 82
– Manfred 47167 Halfmann- 105
– Ursula 47167 Halfmann- 105
Stets Markus
47179 Unter den Linden 87
Stetten Evelin 47179 Rhein- 42
– Hans-Joachim 47169 Henrietten- 11
– Harald 47179 Rhein- 42
– Rudi 47169 Weseler- 85
Stetter Claudia
47137 Auf dem Damm 31
– Dieter 47228 Harald- 40
– Michael 47137 Auf dem Damm 31
Stettin Nina 47169 Fahrner- 133
– Roswitha 47119 Apostel- 59
Stettinius Norbert
47269 Am Krekenbusch 18
Stettmann Ina 47269 Zur Kaltebuhl 63
Stettner Franz 47139 Marktplatz 14
– Frank 47139 Marktplatz 14
– Maria 47167 Kurt- 6
– Meinolf 47249 Traunsteiner- 15
– Reinhard 47167 Kurt- 6
Stetzkowski Beate
47226 Gerhart-Hauptmann- 8
– Bernhard
47226 Gerhart-Hauptmann- 8
Steu Hedwig 47059 Gabienz- 12
Steube Emmi 47259 Harzburger- 37
Firmen, Gewerbebetriebe usw. nach Namen – siehe gelber Teil
A-DU
